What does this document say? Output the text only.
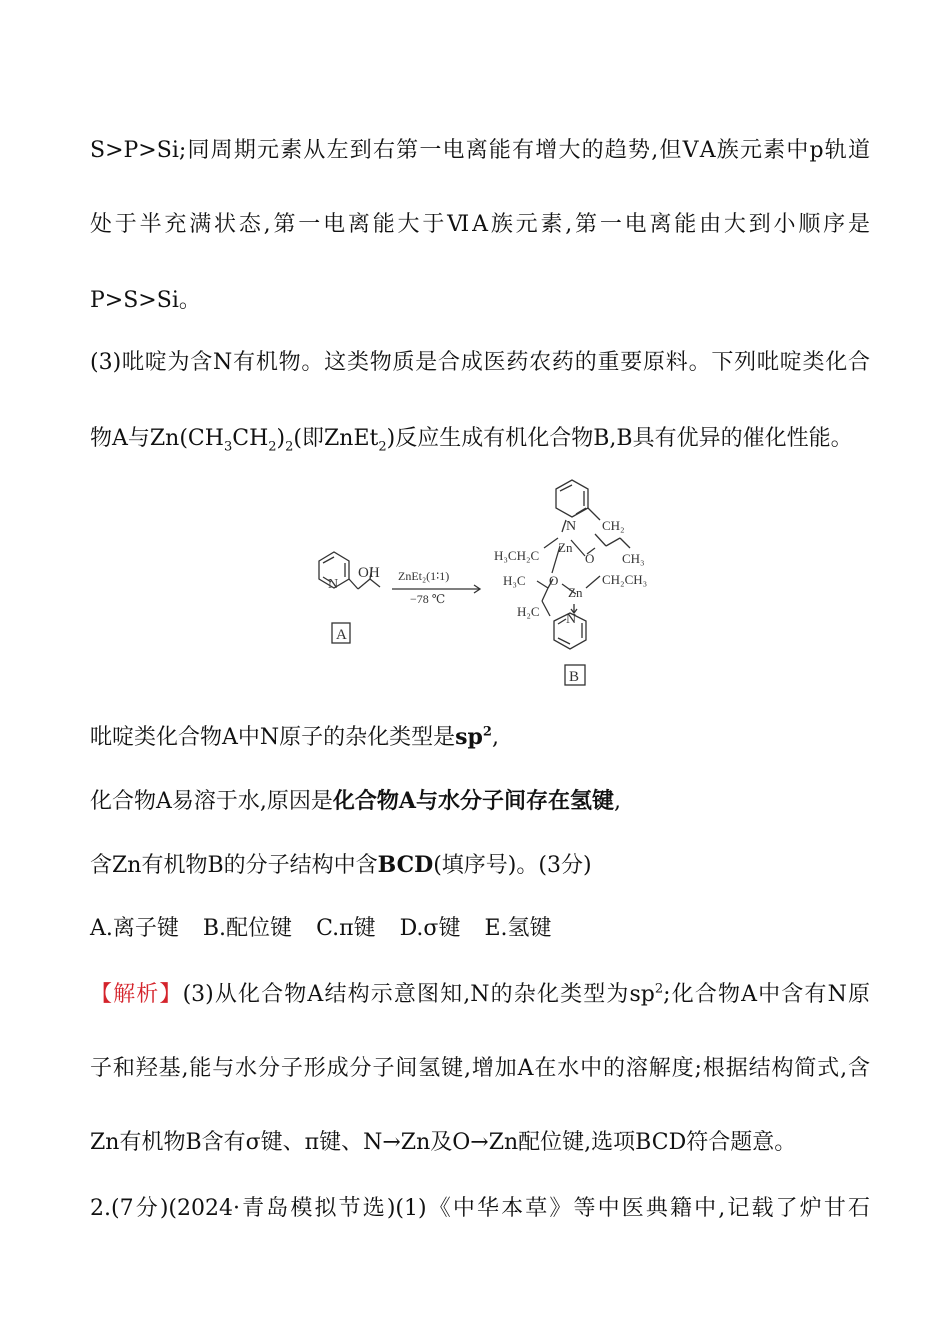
S>P>Si;同周期元素从左到右第一电离能有增大的趋势,但ⅤA族元素中p轨道
处于半充满状态,第一电离能大于ⅥA族元素,第一电离能由大到小顺序是
P>S>Si。
(3)吡啶为含N有机物。这类物质是合成医药农药的重要原料。下列吡啶类化合
物A与$Zn(CH_3CH_2)_2$(即ZnEt$_2$)反应生成有机化合物B,B具有优异的催化性能。
OH
N
A
ZnEt₂(1∶1)
−78 ℃
N CH₂
Zn
H₃CH₂C	O CH₃
H₃C O	CH₂CH₃
Zn
H₂C
N
B
吡啶类化合物A中N原子的杂化类型是$sp^2$,
化合物A易溶于水,原因是化合物A与水分子间存在氢键,
含Zn有机物B的分子结构中含BCD(填序号)。(3分)
A.离子键 B.配位键 C.π键 D.σ键 E.氢键
【解析】(3)从化合物A结构示意图知,N的杂化类型为$sp^2$;化合物A中含有N原
子和羟基,能与水分子形成分子间氢键,增加A在水中的溶解度;根据结构简式,含
Zn有机物B含有σ键、π键、N→Zn及O→Zn配位键,选项BCD符合题意。
2.(7分)(2024·青岛模拟节选)(1)《中华本草》等中医典籍中,记载了炉甘石
